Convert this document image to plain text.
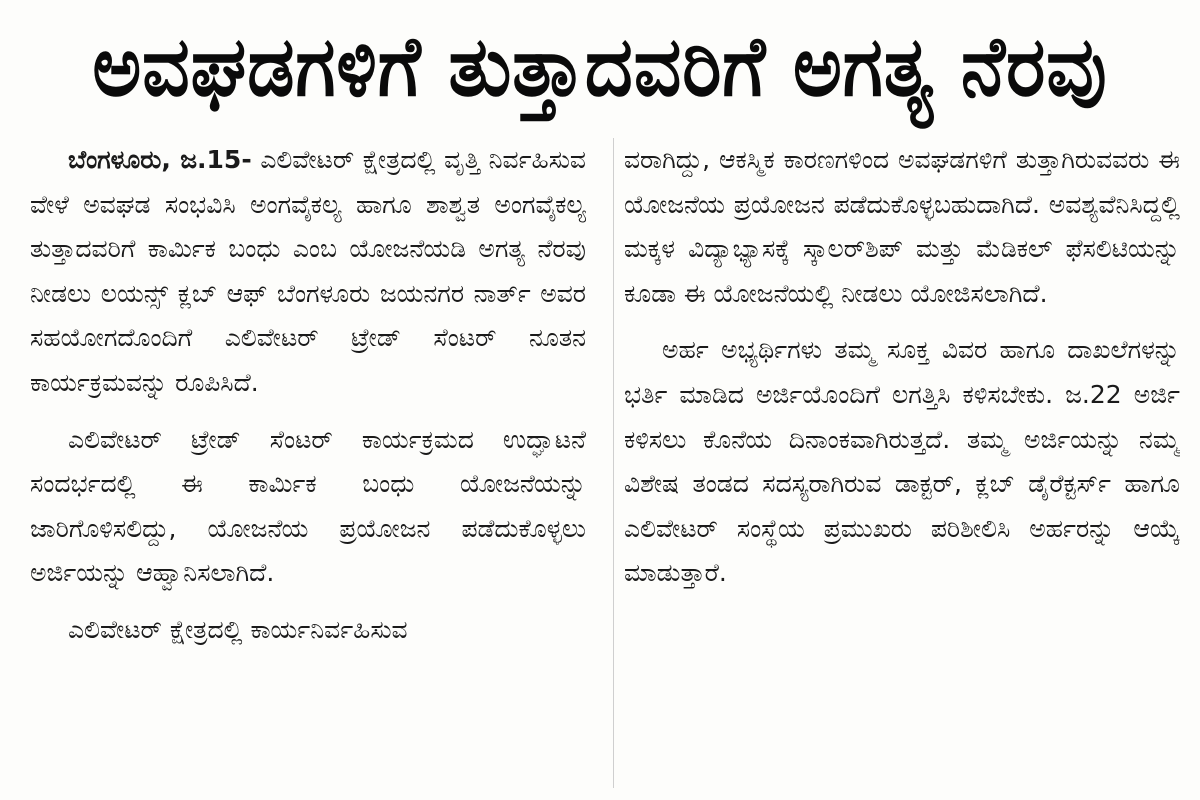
ಅವಘಡಗಳಿಗೆ ತುತ್ತಾದವರಿಗೆ ಅಗತ್ಯ ನೆರವು

ಬೆಂಗಳೂರು, ಜ.15- ಎಲಿವೇಟರ್ ಕ್ಷೇತ್ರದಲ್ಲಿ ವೃತ್ತಿ ನಿರ್ವಹಿಸುವ ವೇಳೆ ಅವಘಡ ಸಂಭವಿಸಿ ಅಂಗವೈಕಲ್ಯ ಹಾಗೂ ಶಾಶ್ವತ ಅಂಗವೈಕಲ್ಯ ತುತ್ತಾದವರಿಗೆ ಕಾರ್ಮಿಕ ಬಂಧು ಎಂಬ ಯೋಜನೆಯಡಿ ಅಗತ್ಯ ನೆರವು ನೀಡಲು ಲಯನ್ಸ್ ಕ್ಲಬ್ ಆಫ್ ಬೆಂಗಳೂರು ಜಯನಗರ ನಾರ್ತ್ ಅವರ ಸಹಯೋಗದೊಂದಿಗೆ ಎಲಿವೇಟರ್ ಟ್ರೇಡ್ ಸೆಂಟರ್ ನೂತನ ಕಾರ್ಯಕ್ರಮವನ್ನು ರೂಪಿಸಿದೆ.

ಎಲಿವೇಟರ್ ಟ್ರೇಡ್ ಸೆಂಟರ್ ಕಾರ್ಯಕ್ರಮದ ಉದ್ಘಾಟನೆ ಸಂದರ್ಭದಲ್ಲಿ ಈ ಕಾರ್ಮಿಕ ಬಂಧು ಯೋಜನೆಯನ್ನು ಜಾರಿಗೊಳಿಸಲಿದ್ದು, ಯೋಜನೆಯ ಪ್ರಯೋಜನ ಪಡೆದುಕೊಳ್ಳಲು ಅರ್ಜಿಯನ್ನು ಆಹ್ವಾನಿಸಲಾಗಿದೆ.

ಎಲಿವೇಟರ್ ಕ್ಷೇತ್ರದಲ್ಲಿ ಕಾರ್ಯನಿರ್ವಹಿಸುವ

ವರಾಗಿದ್ದು, ಆಕಸ್ಮಿಕ ಕಾರಣಗಳಿಂದ ಅವಘಡಗಳಿಗೆ ತುತ್ತಾಗಿರುವವರು ಈ ಯೋಜನೆಯ ಪ್ರಯೋಜನ ಪಡೆದುಕೊಳ್ಳಬಹುದಾಗಿದೆ. ಅವಶ್ಯವೆನಿಸಿದ್ದಲ್ಲಿ ಮಕ್ಕಳ ವಿದ್ಯಾಭ್ಯಾಸಕ್ಕೆ ಸ್ಕಾಲರ್‌ಶಿಪ್ ಮತ್ತು ಮೆಡಿಕಲ್ ಫೆಸಲಿಟಿಯನ್ನು ಕೂಡಾ ಈ ಯೋಜನೆಯಲ್ಲಿ ನೀಡಲು ಯೋಜಿಸಲಾಗಿದೆ.

ಅರ್ಹ ಅಭ್ಯರ್ಥಿಗಳು ತಮ್ಮ ಸೂಕ್ತ ವಿವರ ಹಾಗೂ ದಾಖಲೆಗಳನ್ನು ಭರ್ತಿ ಮಾಡಿದ ಅರ್ಜಿಯೊಂದಿಗೆ ಲಗತ್ತಿಸಿ ಕಳಿಸಬೇಕು. ಜ.22 ಅರ್ಜಿ ಕಳಿಸಲು ಕೊನೆಯ ದಿನಾಂಕವಾಗಿರುತ್ತದೆ. ತಮ್ಮ ಅರ್ಜಿಯನ್ನು ನಮ್ಮ ವಿಶೇಷ ತಂಡದ ಸದಸ್ಯರಾಗಿರುವ ಡಾಕ್ಟರ್, ಕ್ಲಬ್ ಡೈರೆಕ್ಟರ್ಸ್ ಹಾಗೂ ಎಲಿವೇಟರ್ ಸಂಸ್ಥೆಯ ಪ್ರಮುಖರು ಪರಿಶೀಲಿಸಿ ಅರ್ಹರನ್ನು ಆಯ್ಕೆ ಮಾಡುತ್ತಾರೆ.
